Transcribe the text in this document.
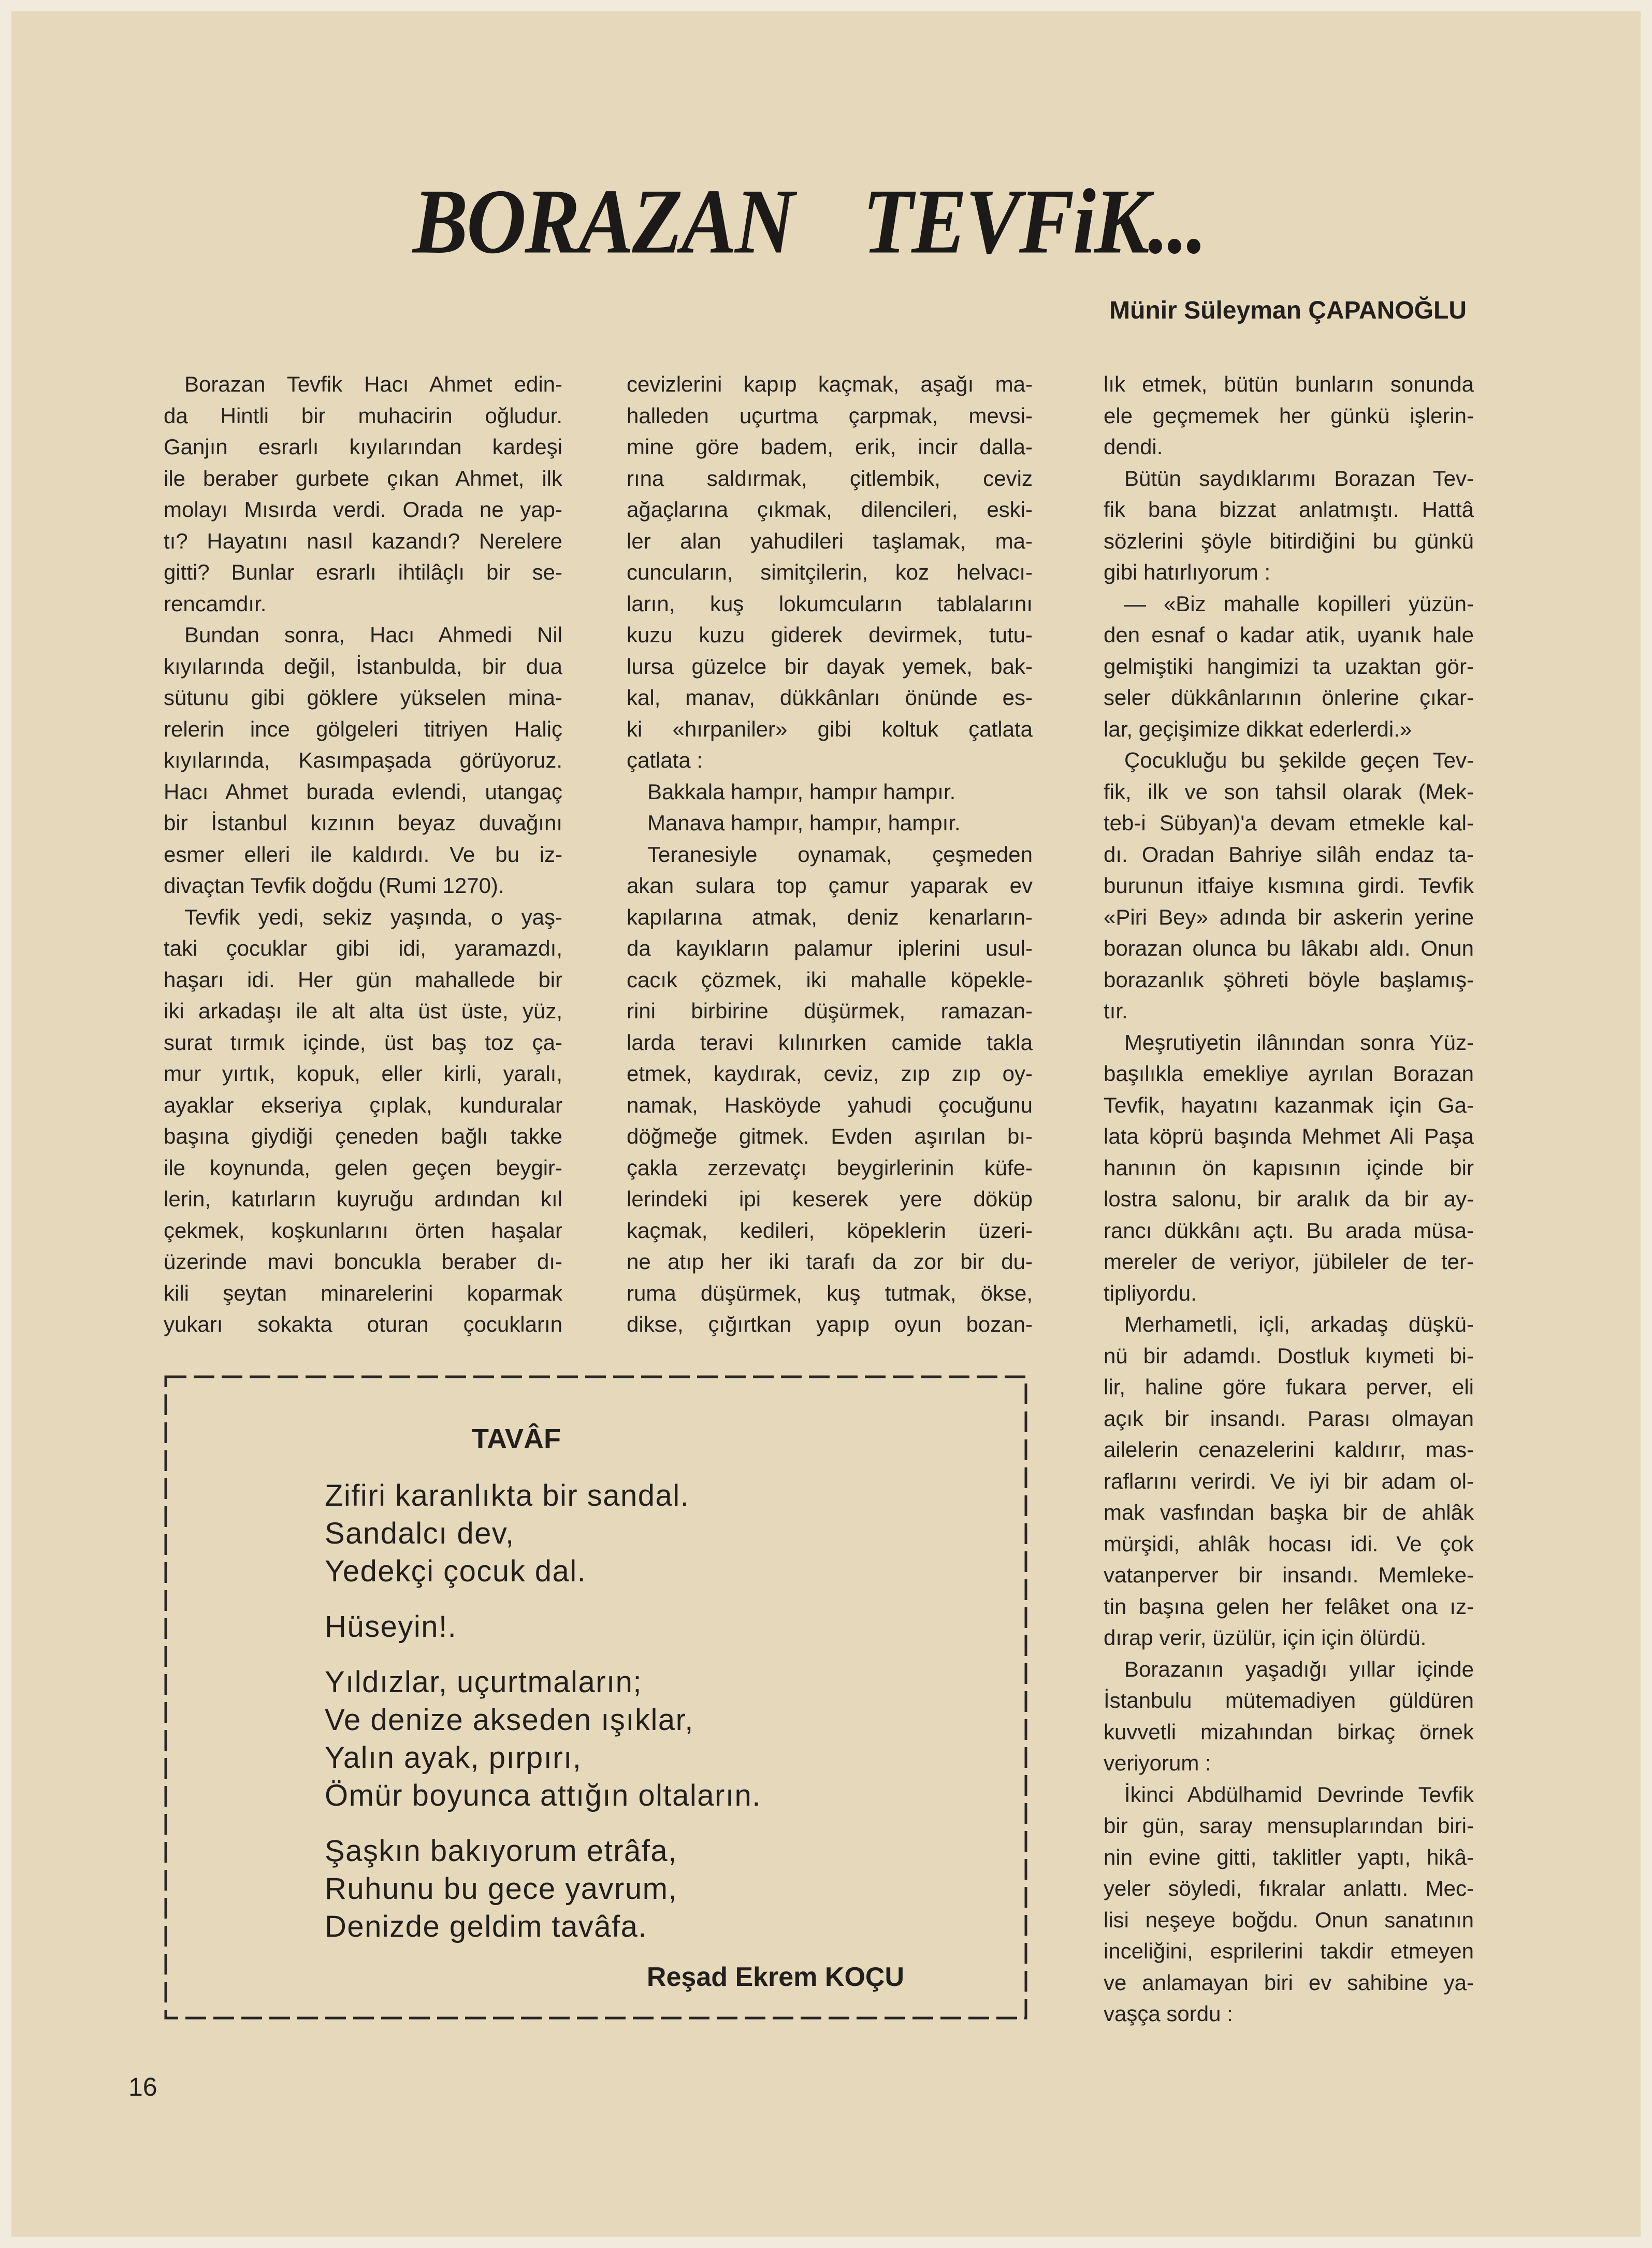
BORAZAN TEVFiK...
Münir Süleyman ÇAPANOĞLU
Borazan Tevfik Hacı Ahmet edin-
da Hintli bir muhacirin oğludur.
Ganjın esrarlı kıyılarından kardeşi
ile beraber gurbete çıkan Ahmet, ilk
molayı Mısırda verdi. Orada ne yap-
tı? Hayatını nasıl kazandı? Nerelere
gitti? Bunlar esrarlı ihtilâçlı bir se-
rencamdır.
Bundan sonra, Hacı Ahmedi Nil
kıyılarında değil, İstanbulda, bir dua
sütunu gibi göklere yükselen mina-
relerin ince gölgeleri titriyen Haliç
kıyılarında, Kasımpaşada görüyoruz.
Hacı Ahmet burada evlendi, utangaç
bir İstanbul kızının beyaz duvağını
esmer elleri ile kaldırdı. Ve bu iz-
divaçtan Tevfik doğdu (Rumi 1270).
Tevfik yedi, sekiz yaşında, o yaş-
taki çocuklar gibi idi, yaramazdı,
haşarı idi. Her gün mahallede bir
iki arkadaşı ile alt alta üst üste, yüz,
surat tırmık içinde, üst baş toz ça-
mur yırtık, kopuk, eller kirli, yaralı,
ayaklar ekseriya çıplak, kunduralar
başına giydiği çeneden bağlı takke
ile koynunda, gelen geçen beygir-
lerin, katırların kuyruğu ardından kıl
çekmek, koşkunlarını örten haşalar
üzerinde mavi boncukla beraber dı-
kili şeytan minarelerini koparmak
yukarı sokakta oturan çocukların
cevizlerini kapıp kaçmak, aşağı ma-
halleden uçurtma çarpmak, mevsi-
mine göre badem, erik, incir dalla-
rına saldırmak, çitlembik, ceviz
ağaçlarına çıkmak, dilencileri, eski-
ler alan yahudileri taşlamak, ma-
cuncuların, simitçilerin, koz helvacı-
ların, kuş lokumcuların tablalarını
kuzu kuzu giderek devirmek, tutu-
lursa güzelce bir dayak yemek, bak-
kal, manav, dükkânları önünde es-
ki «hırpaniler» gibi koltuk çatlata
çatlata :
Bakkala hampır, hampır hampır.
Manava hampır, hampır, hampır.
Teranesiyle oynamak, çeşmeden
akan sulara top çamur yaparak ev
kapılarına atmak, deniz kenarların-
da kayıkların palamur iplerini usul-
cacık çözmek, iki mahalle köpekle-
rini birbirine düşürmek, ramazan-
larda teravi kılınırken camide takla
etmek, kaydırak, ceviz, zıp zıp oy-
namak, Hasköyde yahudi çocuğunu
döğmeğe gitmek. Evden aşırılan bı-
çakla zerzevatçı beygirlerinin küfe-
lerindeki ipi keserek yere döküp
kaçmak, kedileri, köpeklerin üzeri-
ne atıp her iki tarafı da zor bir du-
ruma düşürmek, kuş tutmak, ökse,
dikse, çığırtkan yapıp oyun bozan-
lık etmek, bütün bunların sonunda
ele geçmemek her günkü işlerin-
dendi.
Bütün saydıklarımı Borazan Tev-
fik bana bizzat anlatmıştı. Hattâ
sözlerini şöyle bitirdiğini bu günkü
gibi hatırlıyorum :
— «Biz mahalle kopilleri yüzün-
den esnaf o kadar atik, uyanık hale
gelmiştiki hangimizi ta uzaktan gör-
seler dükkânlarının önlerine çıkar-
lar, geçişimize dikkat ederlerdi.»
Çocukluğu bu şekilde geçen Tev-
fik, ilk ve son tahsil olarak (Mek-
teb-i Sübyan)'a devam etmekle kal-
dı. Oradan Bahriye silâh endaz ta-
burunun itfaiye kısmına girdi. Tevfik
«Piri Bey» adında bir askerin yerine
borazan olunca bu lâkabı aldı. Onun
borazanlık şöhreti böyle başlamış-
tır.
Meşrutiyetin ilânından sonra Yüz-
başılıkla emekliye ayrılan Borazan
Tevfik, hayatını kazanmak için Ga-
lata köprü başında Mehmet Ali Paşa
hanının ön kapısının içinde bir
lostra salonu, bir aralık da bir ay-
rancı dükkânı açtı. Bu arada müsa-
mereler de veriyor, jübileler de ter-
tipliyordu.
Merhametli, içli, arkadaş düşkü-
nü bir adamdı. Dostluk kıymeti bi-
lir, haline göre fukara perver, eli
açık bir insandı. Parası olmayan
ailelerin cenazelerini kaldırır, mas-
raflarını verirdi. Ve iyi bir adam ol-
mak vasfından başka bir de ahlâk
mürşidi, ahlâk hocası idi. Ve çok
vatanperver bir insandı. Memleke-
tin başına gelen her felâket ona ız-
dırap verir, üzülür, için için ölürdü.
Borazanın yaşadığı yıllar içinde
İstanbulu mütemadiyen güldüren
kuvvetli mizahından birkaç örnek
veriyorum :
İkinci Abdülhamid Devrinde Tevfik
bir gün, saray mensuplarından biri-
nin evine gitti, taklitler yaptı, hikâ-
yeler söyledi, fıkralar anlattı. Mec-
lisi neşeye boğdu. Onun sanatının
inceliğini, esprilerini takdir etmeyen
ve anlamayan biri ev sahibine ya-
vaşça sordu :
TAVÂF
Zifiri karanlıkta bir sandal.
Sandalcı dev,
Yedekçi çocuk dal.
Hüseyin!.
Yıldızlar, uçurtmaların;
Ve denize akseden ışıklar,
Yalın ayak, pırpırı,
Ömür boyunca attığın oltaların.
Şaşkın bakıyorum etrâfa,
Ruhunu bu gece yavrum,
Denizde geldim tavâfa.
Reşad Ekrem KOÇU
16
